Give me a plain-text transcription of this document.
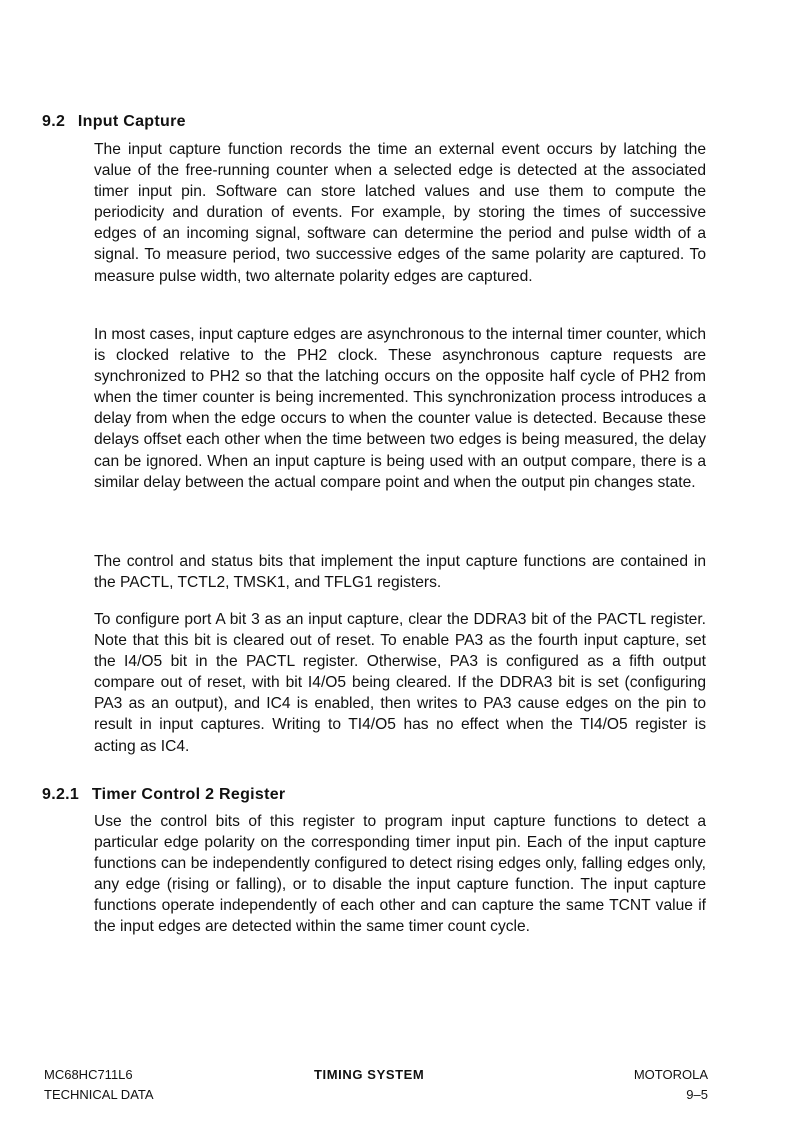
9.2 Input Capture

The input capture function records the time an external event occurs by latching the value of the free-running counter when a selected edge is detected at the associated timer input pin. Software can store latched values and use them to compute the periodicity and duration of events. For example, by storing the times of successive edges of an incoming signal, software can determine the period and pulse width of a signal. To measure period, two successive edges of the same polarity are captured. To measure pulse width, two alternate polarity edges are captured.

In most cases, input capture edges are asynchronous to the internal timer counter, which is clocked relative to the PH2 clock. These asynchronous capture requests are synchronized to PH2 so that the latching occurs on the opposite half cycle of PH2 from when the timer counter is being incremented. This synchronization process introduces a delay from when the edge occurs to when the counter value is detected. Because these delays offset each other when the time between two edges is being measured, the delay can be ignored. When an input capture is being used with an output compare, there is a similar delay between the actual compare point and when the output pin changes state.

The control and status bits that implement the input capture functions are contained in the PACTL, TCTL2, TMSK1, and TFLG1 registers.

To configure port A bit 3 as an input capture, clear the DDRA3 bit of the PACTL register. Note that this bit is cleared out of reset. To enable PA3 as the fourth input capture, set the I4/O5 bit in the PACTL register. Otherwise, PA3 is configured as a fifth output compare out of reset, with bit I4/O5 being cleared. If the DDRA3 bit is set (configuring PA3 as an output), and IC4 is enabled, then writes to PA3 cause edges on the pin to result in input captures. Writing to TI4/O5 has no effect when the TI4/O5 register is acting as IC4.

9.2.1 Timer Control 2 Register

Use the control bits of this register to program input capture functions to detect a particular edge polarity on the corresponding timer input pin. Each of the input capture functions can be independently configured to detect rising edges only, falling edges only, any edge (rising or falling), or to disable the input capture function. The input capture functions operate independently of each other and can capture the same TCNT value if the input edges are detected within the same timer count cycle.

MC68HC711L6
TECHNICAL DATA
TIMING SYSTEM	MOTOROLA
9–5
